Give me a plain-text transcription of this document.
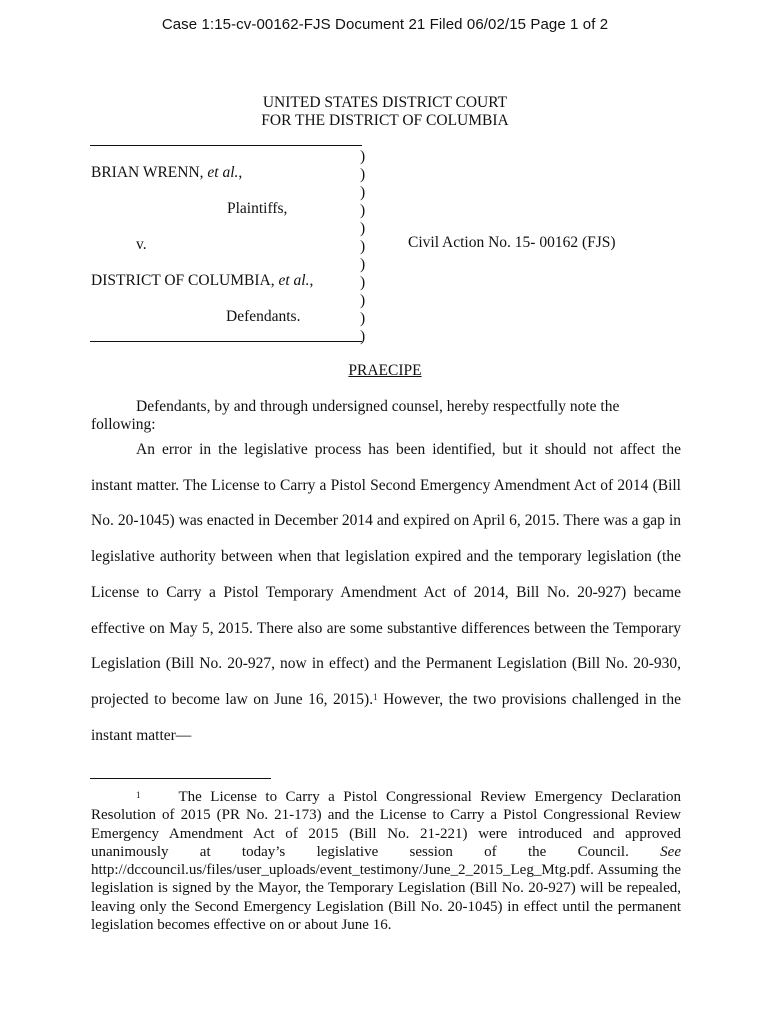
Case 1:15-cv-00162-FJS Document 21 Filed 06/02/15 Page 1 of 2
UNITED STATES DISTRICT COURT
FOR THE DISTRICT OF COLUMBIA
BRIAN WRENN, et al.,
Plaintiffs,
v.
DISTRICT OF COLUMBIA, et al.,
Defendants.
)
)
)
)
)
)
)
)
)
)
)
Civil Action No. 15- 00162 (FJS)
PRAECIPE
Defendants, by and through undersigned counsel, hereby respectfully note the following:
An error in the legislative process has been identified, but it should not affect the instant matter. The License to Carry a Pistol Second Emergency Amendment Act of 2014 (Bill No. 20-1045) was enacted in December 2014 and expired on April 6, 2015. There was a gap in legislative authority between when that legislation expired and the temporary legislation (the License to Carry a Pistol Temporary Amendment Act of 2014, Bill No. 20-927) became effective on May 5, 2015. There also are some substantive differences between the Temporary Legislation (Bill No. 20-927, now in effect) and the Permanent Legislation (Bill No. 20-930, projected to become law on June 16, 2015).$^1$ However, the two provisions challenged in the instant matter—
1	The License to Carry a Pistol Congressional Review Emergency Declaration Resolution of 2015 (PR No. 21-173) and the License to Carry a Pistol Congressional Review Emergency Amendment Act of 2015 (Bill No. 21-221) were introduced and approved unanimously at today’s legislative session of the Council. See http://dccouncil.us/files/user_uploads/event_testimony/June_2_2015_Leg_Mtg.pdf. Assuming the legislation is signed by the Mayor, the Temporary Legislation (Bill No. 20-927) will be repealed, leaving only the Second Emergency Legislation (Bill No. 20-1045) in effect until the permanent legislation becomes effective on or about June 16.
